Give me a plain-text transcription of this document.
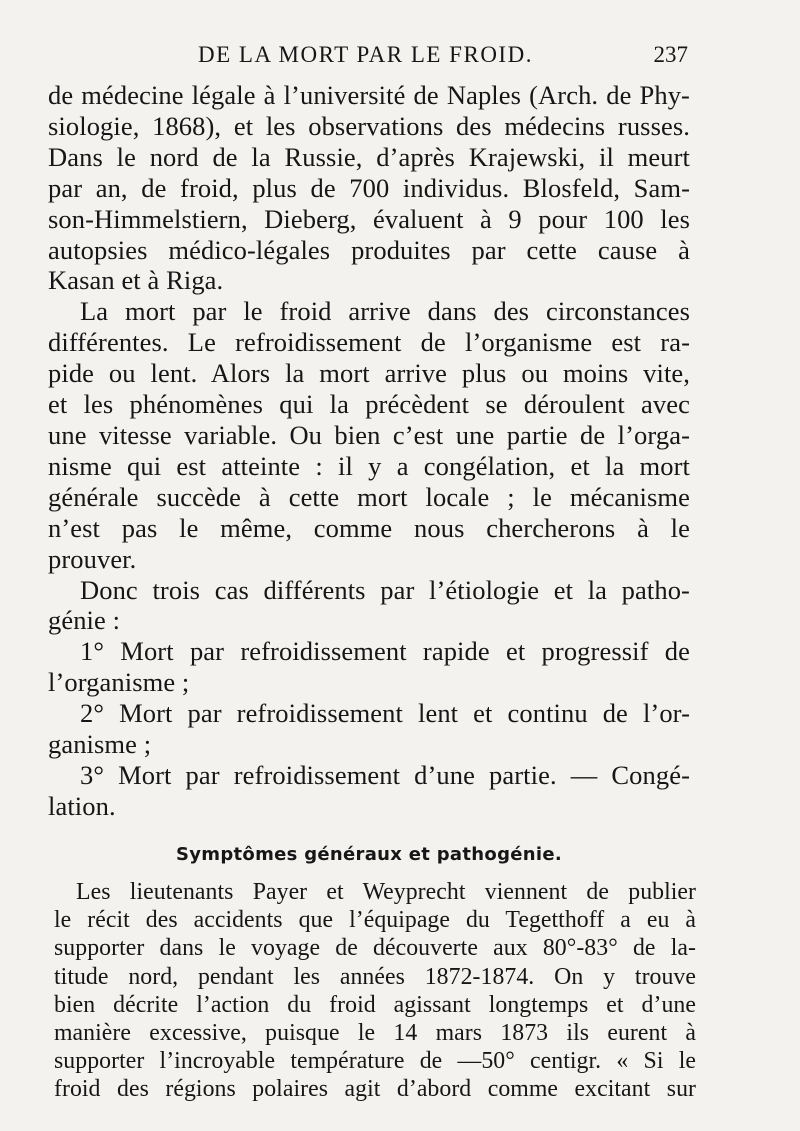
DE LA MORT PAR LE FROID.	237

de médecine légale à l’université de Naples (Arch. de Phy-
siologie, 1868), et les observations des médecins russes.
Dans le nord de la Russie, d’après Krajewski, il meurt
par an, de froid, plus de 700 individus. Blosfeld, Sam-
son-Himmelstiern, Dieberg, évaluent à 9 pour 100 les
autopsies médico-légales produites par cette cause à
Kasan et à Riga.

La mort par le froid arrive dans des circonstances
différentes. Le refroidissement de l’organisme est ra-
pide ou lent. Alors la mort arrive plus ou moins vite,
et les phénomènes qui la précèdent se déroulent avec
une vitesse variable. Ou bien c’est une partie de l’orga-
nisme qui est atteinte : il y a congélation, et la mort
générale succède à cette mort locale ; le mécanisme
n’est pas le même, comme nous chercherons à le
prouver.

Donc trois cas différents par l’étiologie et la patho-
génie :

1° Mort par refroidissement rapide et progressif de
l’organisme ;

2° Mort par refroidissement lent et continu de l’or-
ganisme ;

3° Mort par refroidissement d’une partie. — Congé-
lation.

Symptômes généraux et pathogénie.

Les lieutenants Payer et Weyprecht viennent de publier
le récit des accidents que l’équipage du Tegetthoff a eu à
supporter dans le voyage de découverte aux 80°-83° de la-
titude nord, pendant les années 1872-1874. On y trouve
bien décrite l’action du froid agissant longtemps et d’une
manière excessive, puisque le 14 mars 1873 ils eurent à
supporter l’incroyable température de —50° centigr. « Si le
froid des régions polaires agit d’abord comme excitant sur
